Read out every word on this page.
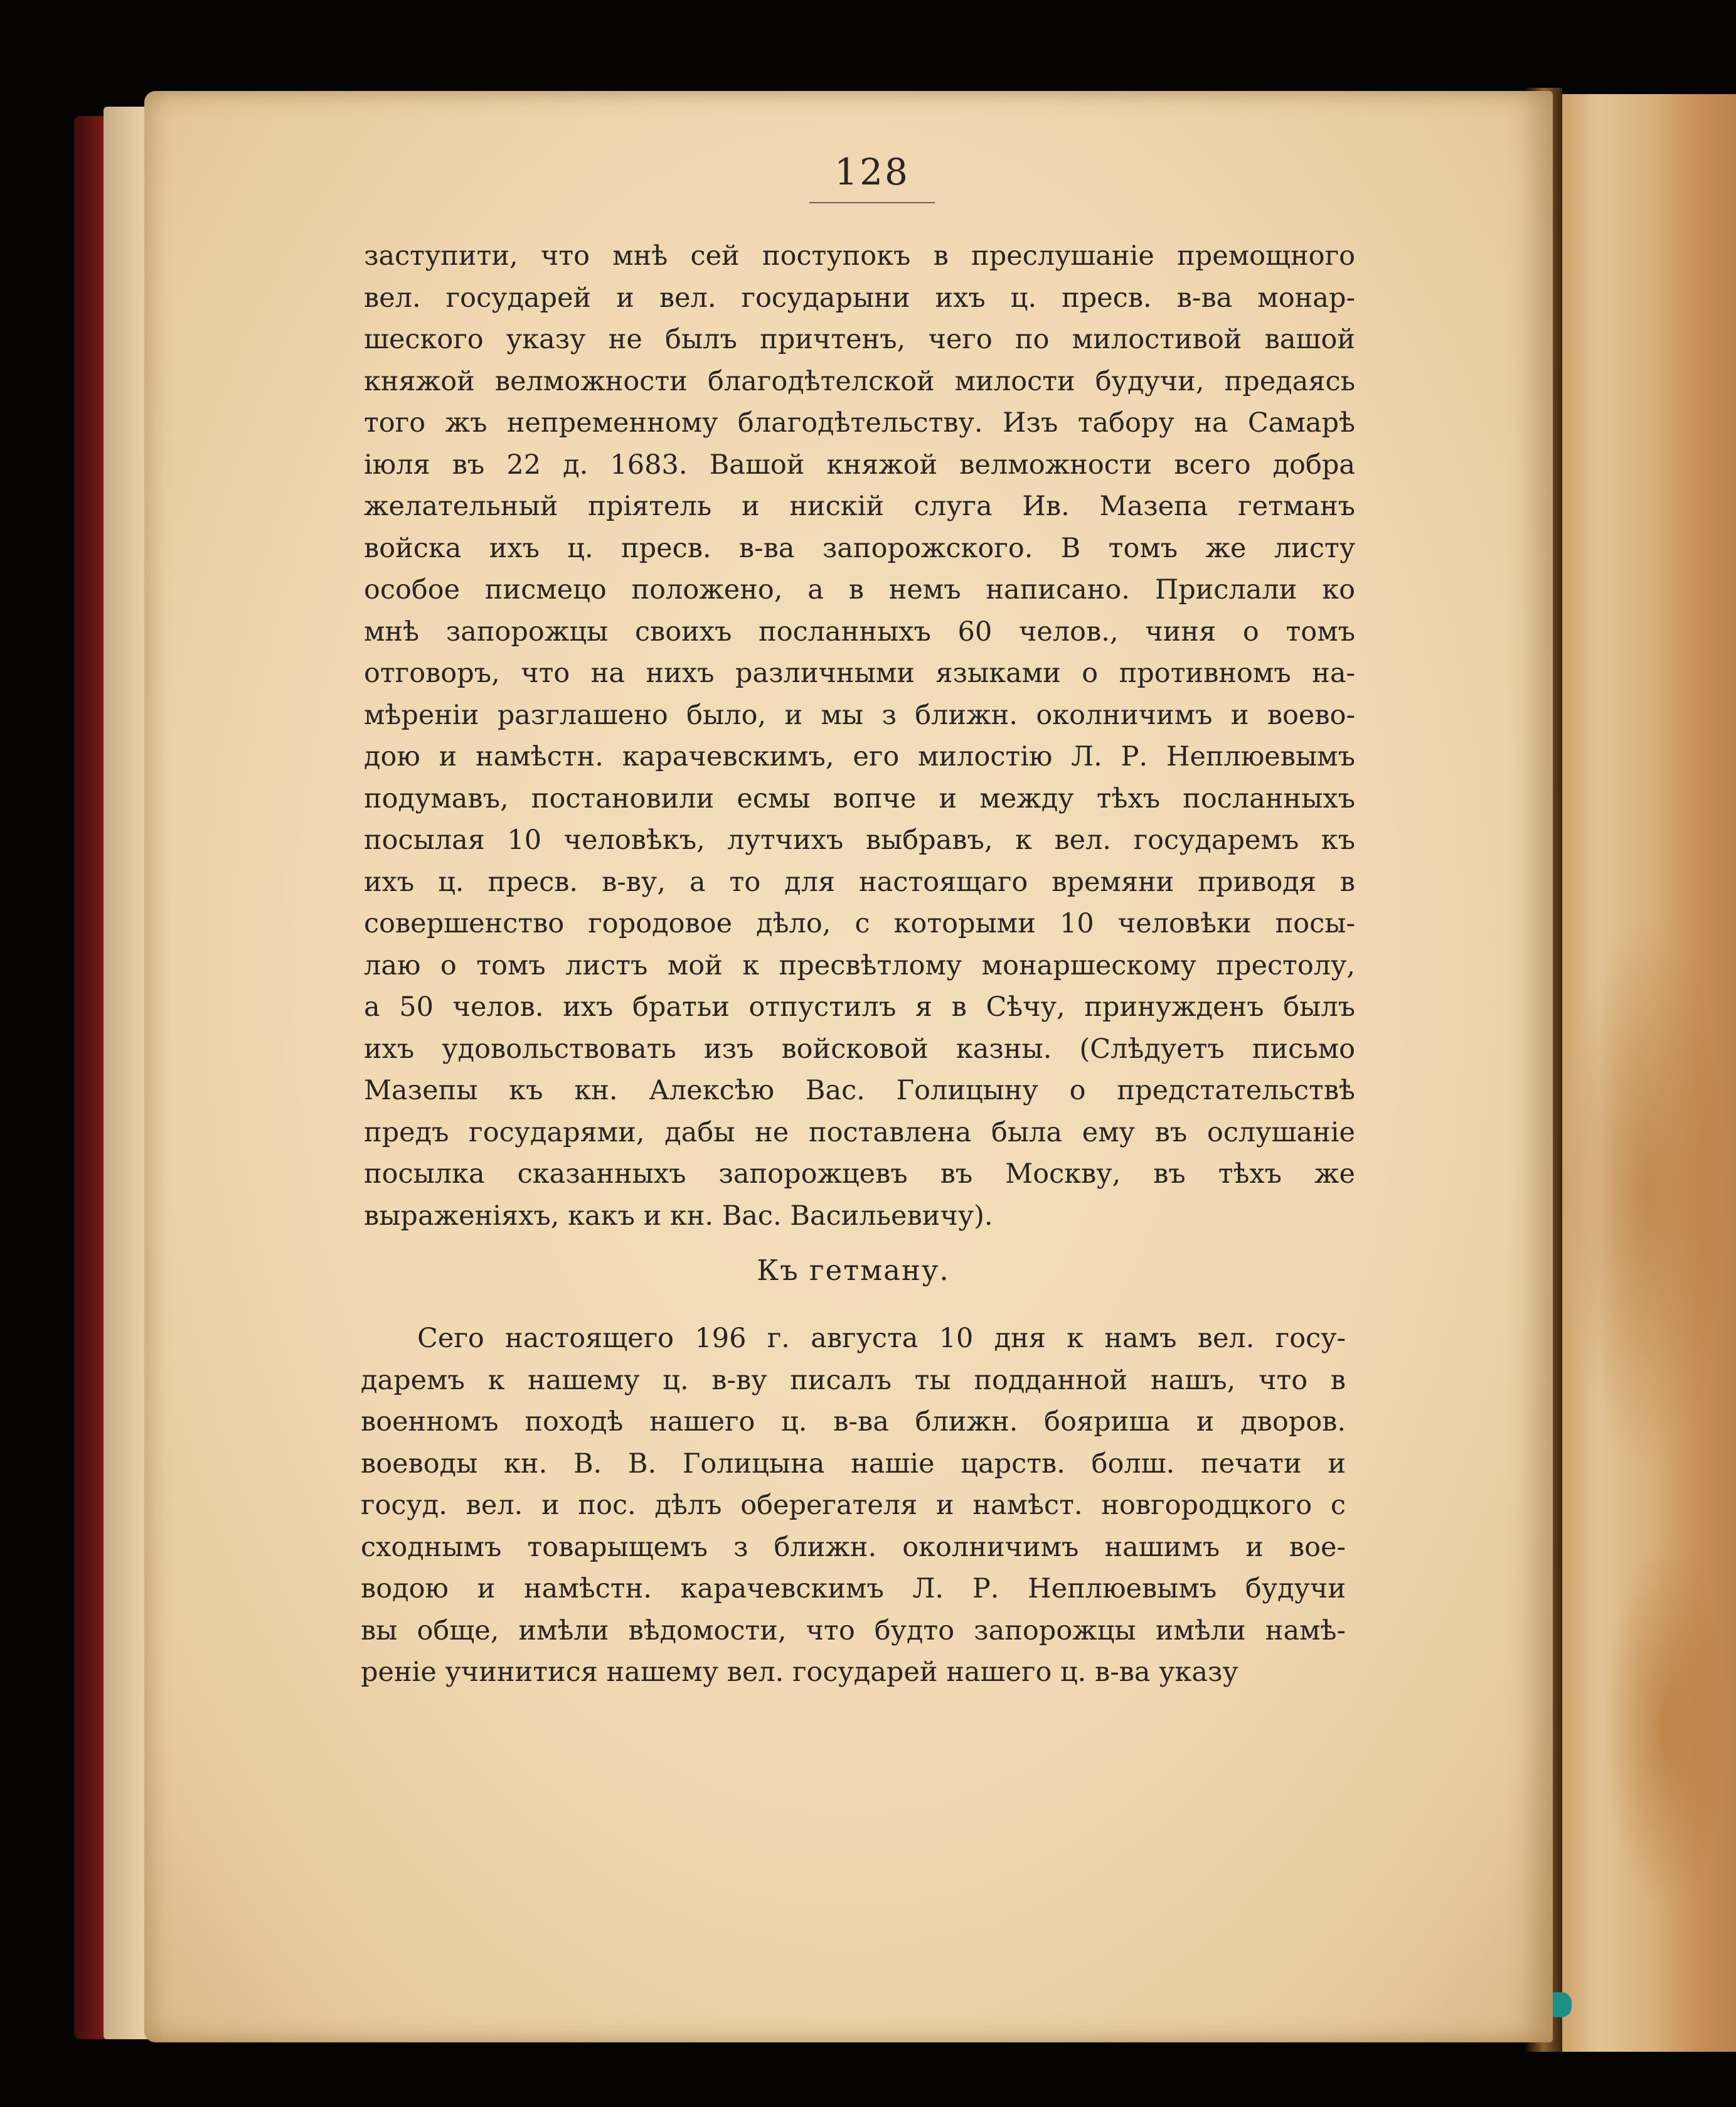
128
заступити, что мнѣ сей поступокъ в преслушаніе премощного
вел. государей и вел. государыни ихъ ц. пресв. в-ва монар-
шеского указу не былъ причтенъ, чего по милостивой вашой
княжой велможности благодѣтелской милости будучи, предаясь
того жъ непременному благодѣтельству. Изъ табору на Самарѣ
іюля въ 22 д. 1683. Вашой княжой велможности всего добра
желательный пріятель и нискій слуга Ив. Мазепа гетманъ
войска ихъ ц. пресв. в-ва запорожского. В томъ же листу
особое писмецо положено, а в немъ написано. Прислали ко
мнѣ запорожцы своихъ посланныхъ 60 челов., чиня о томъ
отговоръ, что на нихъ различными языками о противномъ на-
мѣреніи разглашено было, и мы з ближн. околничимъ и воево-
дою и намѣстн. карачевскимъ, его милостію Л. Р. Неплюевымъ
подумавъ, постановили есмы вопче и между тѣхъ посланныхъ
посылая 10 человѣкъ, лутчихъ выбравъ, к вел. государемъ къ
ихъ ц. пресв. в-ву, а то для настоящаго времяни приводя в
совершенство городовое дѣло, с которыми 10 человѣки посы-
лаю о томъ листъ мой к пресвѣтлому монаршескому престолу,
а 50 челов. ихъ братьи отпустилъ я в Сѣчу, принужденъ былъ
ихъ удовольствовать изъ войсковой казны. (Слѣдуетъ письмо
Мазепы къ кн. Алексѣю Вас. Голицыну о предстательствѣ
предъ государями, дабы не поставлена была ему въ ослушаніе
посылка сказанныхъ запорожцевъ въ Москву, въ тѣхъ же
выраженіяхъ, какъ и кн. Вас. Васильевичу).
Къ гетману.
Сего настоящего 196 г. августа 10 дня к намъ вел. госу-
даремъ к нашему ц. в-ву писалъ ты подданной нашъ, что в
военномъ походѣ нашего ц. в-ва ближн. бояриша и дворов.
воеводы кн. В. В. Голицына нашіе царств. болш. печати и
госуд. вел. и пос. дѣлъ оберегателя и намѣст. новгородцкого с
сходнымъ товарыщемъ з ближн. околничимъ нашимъ и вое-
водою и намѣстн. карачевскимъ Л. Р. Неплюевымъ будучи
вы обще, имѣли вѣдомости, что будто запорожцы имѣли намѣ-
реніе учинитися нашему вел. государей нашего ц. в-ва указу
